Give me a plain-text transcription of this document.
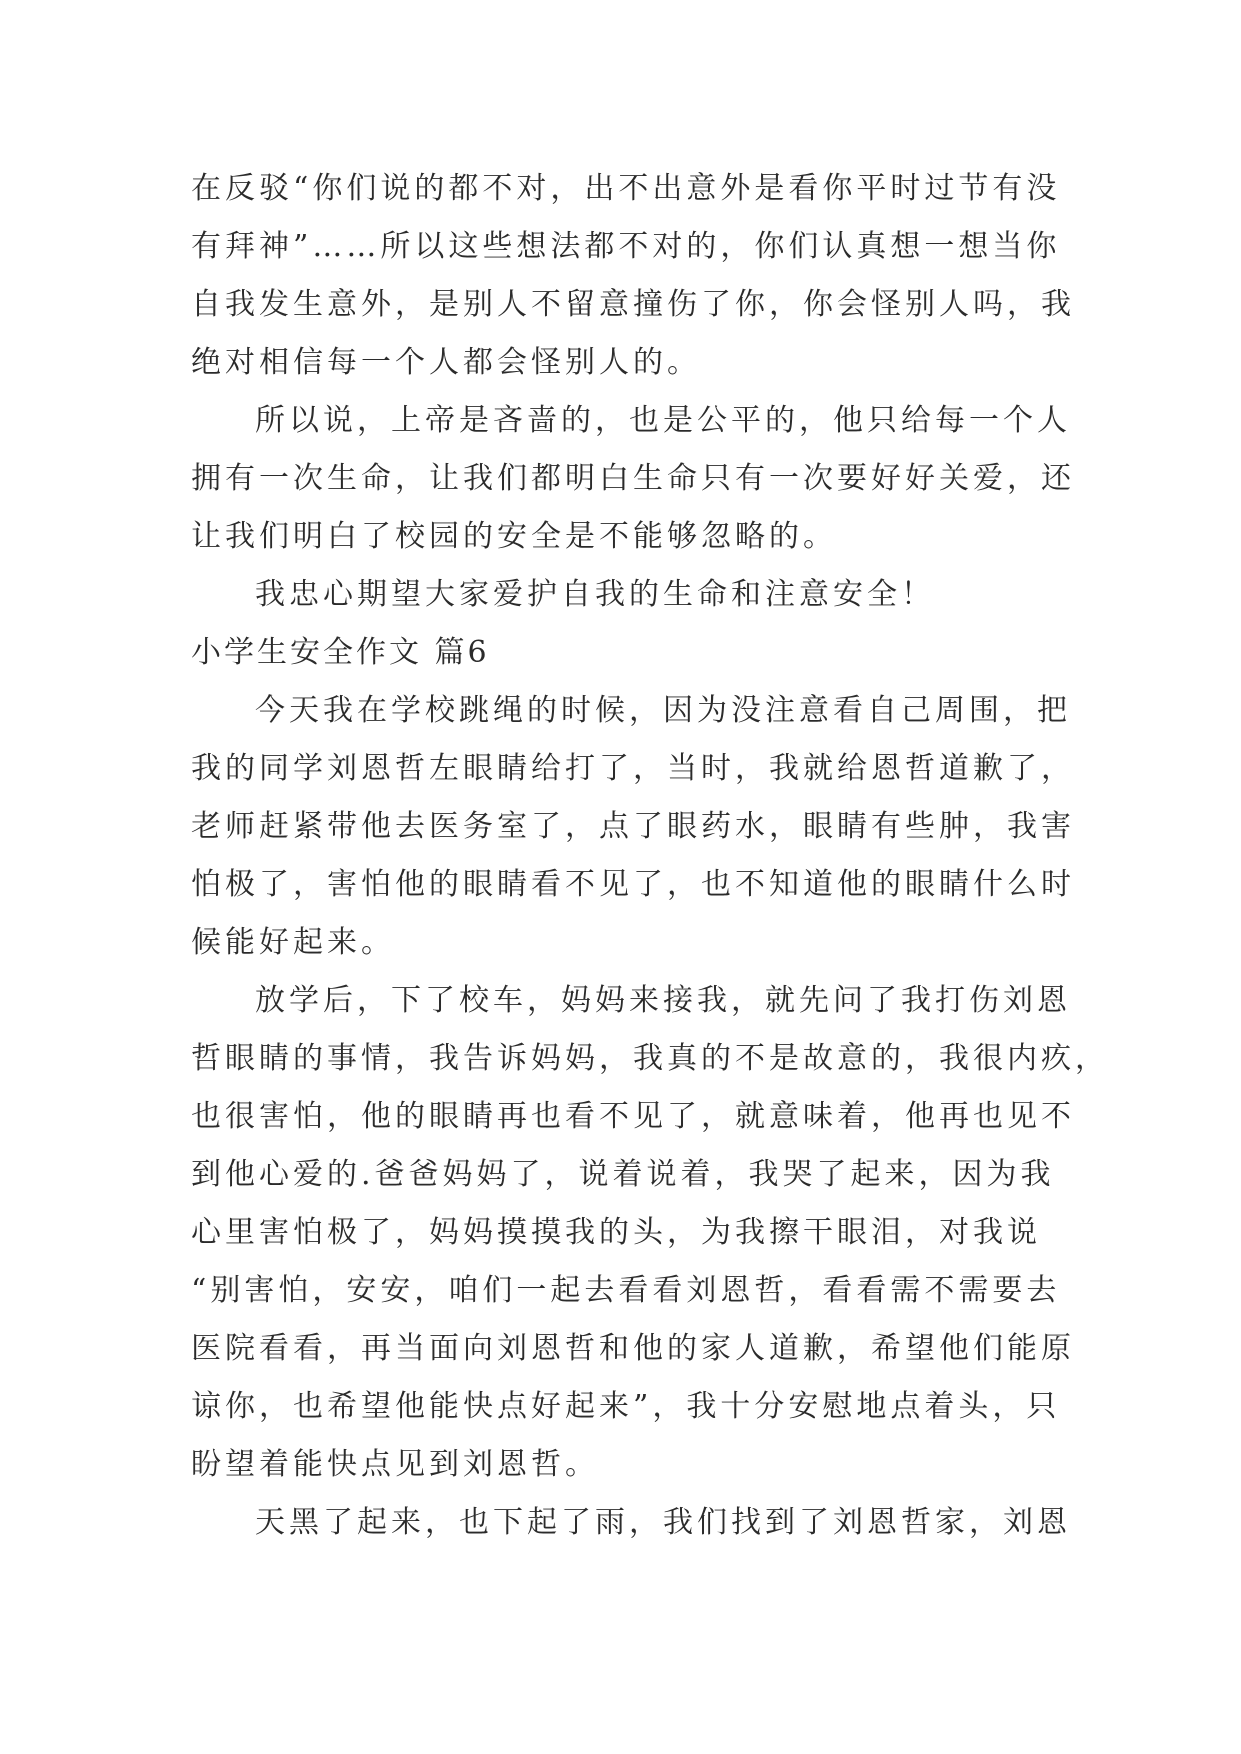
在反驳“你们说的都不对，出不出意外是看你平时过节有没
有拜神”……所以这些想法都不对的，你们认真想一想当你
自我发生意外，是别人不留意撞伤了你，你会怪别人吗，我
绝对相信每一个人都会怪别人的。
所以说，上帝是吝啬的，也是公平的，他只给每一个人
拥有一次生命，让我们都明白生命只有一次要好好关爱，还
让我们明白了校园的安全是不能够忽略的。
我忠心期望大家爱护自我的生命和注意安全！
小学生安全作文 篇6
今天我在学校跳绳的时候，因为没注意看自己周围，把
我的同学刘恩哲左眼睛给打了，当时，我就给恩哲道歉了，
老师赶紧带他去医务室了，点了眼药水，眼睛有些肿，我害
怕极了，害怕他的眼睛看不见了，也不知道他的眼睛什么时
候能好起来。
放学后，下了校车，妈妈来接我，就先问了我打伤刘恩
哲眼睛的事情，我告诉妈妈，我真的不是故意的，我很内疚，
也很害怕，他的眼睛再也看不见了，就意味着，他再也见不
到他心爱的.爸爸妈妈了，说着说着，我哭了起来，因为我
心里害怕极了，妈妈摸摸我的头，为我擦干眼泪，对我说
“别害怕，安安，咱们一起去看看刘恩哲，看看需不需要去
医院看看，再当面向刘恩哲和他的家人道歉，希望他们能原
谅你，也希望他能快点好起来”，我十分安慰地点着头，只
盼望着能快点见到刘恩哲。
天黑了起来，也下起了雨，我们找到了刘恩哲家，刘恩
